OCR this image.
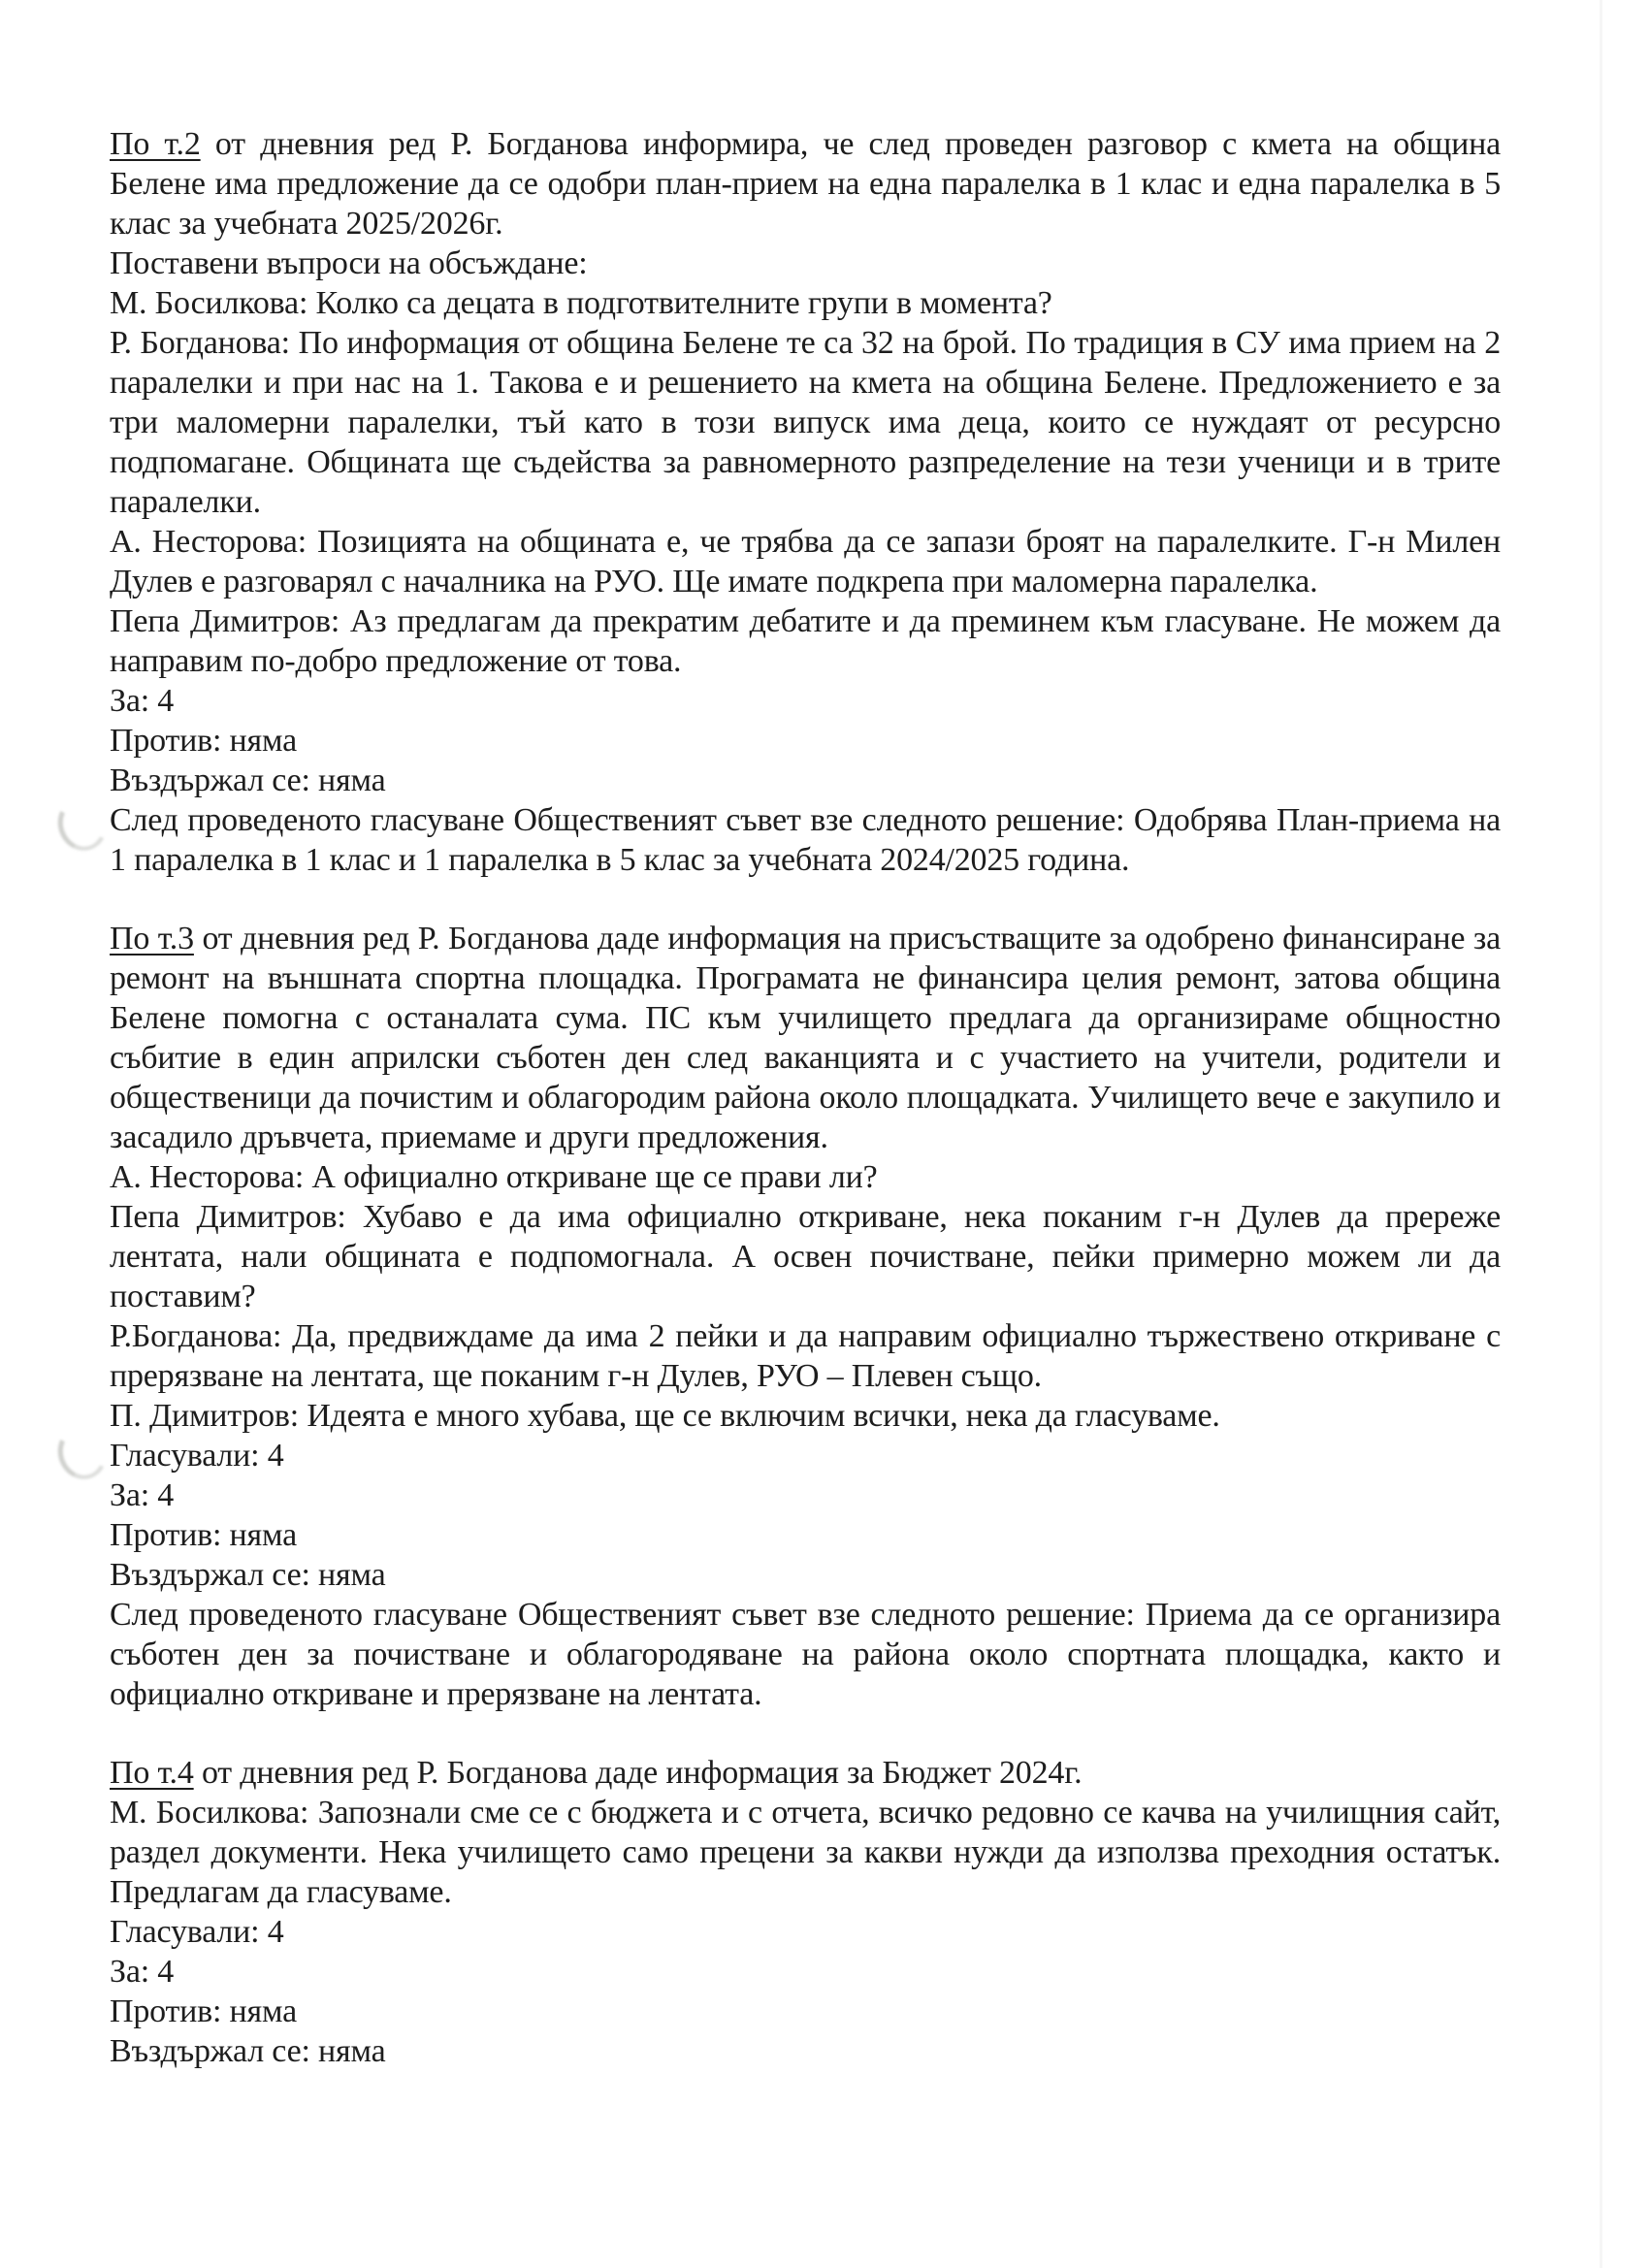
По т.2 от дневния ред Р. Богданова информира, че след проведен разговор с кмета на община Белене има предложение да се одобри план-прием на една паралелка в 1 клас и една паралелка в 5 клас за учебната 2025/2026г.

Поставени въпроси на обсъждане:

М. Босилкова: Колко са децата в подготвителните групи в момента?

Р. Богданова: По информация от община Белене те са 32 на брой. По традиция в СУ има прием на 2 паралелки и при нас на 1. Такова е и решението на кмета на община Белене. Предложението е за три маломерни паралелки, тъй като в този випуск има деца, които се нуждаят от ресурсно подпомагане. Общината ще съдейства за равномерното разпределение на тези ученици и в трите паралелки.

А. Несторова: Позицията на общината е, че трябва да се запази броят на паралелките. Г-н Милен Дулев е разговарял с началника на РУО. Ще имате подкрепа при маломерна паралелка.

Пепа Димитров: Аз предлагам да прекратим дебатите и да преминем към гласуване. Не можем да направим по-добро предложение от това.

За: 4

Против: няма

Въздържал се: няма

След проведеното гласуване Общественият съвет взе следното решение: Одобрява План-приема на 1 паралелка в 1 клас и 1 паралелка в 5 клас за учебната 2024/2025 година.

По т.3 от дневния ред Р. Богданова даде информация на присъстващите за одобрено финансиране за ремонт на външната спортна площадка. Програмата не финансира целия ремонт, затова община Белене помогна с останалата сума. ПС към училището предлага да организираме общностно събитие в един априлски съботен ден след ваканцията и с участието на учители, родители и общественици да почистим и облагородим района около площадката. Училището вече е закупило и засадило дръвчета, приемаме и други предложения.

А. Несторова: А официално откриване ще се прави ли?

Пепа Димитров: Хубаво е да има официално откриване, нека поканим г-н Дулев да пререже лентата, нали общината е подпомогнала. А освен почистване, пейки примерно можем ли да поставим?

Р.Богданова: Да, предвиждаме да има 2 пейки и да направим официално тържествено откриване с прерязване на лентата, ще поканим г-н Дулев, РУО – Плевен също.

П. Димитров: Идеята е много хубава, ще се включим всички, нека да гласуваме.

Гласували: 4

За: 4

Против: няма

Въздържал се: няма

След проведеното гласуване Общественият съвет взе следното решение: Приема да се организира съботен ден за почистване и облагородяване на района около спортната площадка, както и официално откриване и прерязване на лентата.

По т.4 от дневния ред Р. Богданова даде информация за Бюджет 2024г.

М. Босилкова: Запознали сме се с бюджета и с отчета, всичко редовно се качва на училищния сайт, раздел документи. Нека училището само прецени за какви нужди да използва преходния остатък. Предлагам да гласуваме.

Гласували: 4

За: 4

Против: няма

Въздържал се: няма
